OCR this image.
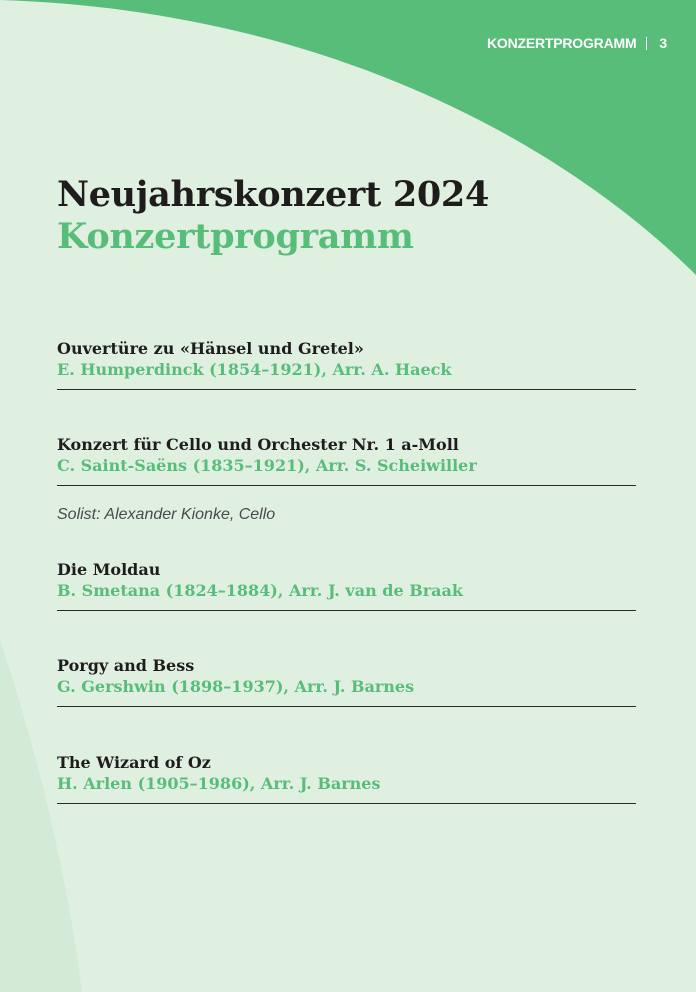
KONZERTPROGRAMM 3
Neujahrskonzert 2024
Konzertprogramm
Ouvertüre zu «Hänsel und Gretel»
E. Humperdinck (1854–1921), Arr. A. Haeck
Konzert für Cello und Orchester Nr. 1 a-Moll
C. Saint-Saëns (1835–1921), Arr. S. Scheiwiller
Solist: Alexander Kionke, Cello
Die Moldau
B. Smetana (1824–1884), Arr. J. van de Braak
Porgy and Bess
G. Gershwin (1898–1937), Arr. J. Barnes
The Wizard of Oz
H. Arlen (1905–1986), Arr. J. Barnes
